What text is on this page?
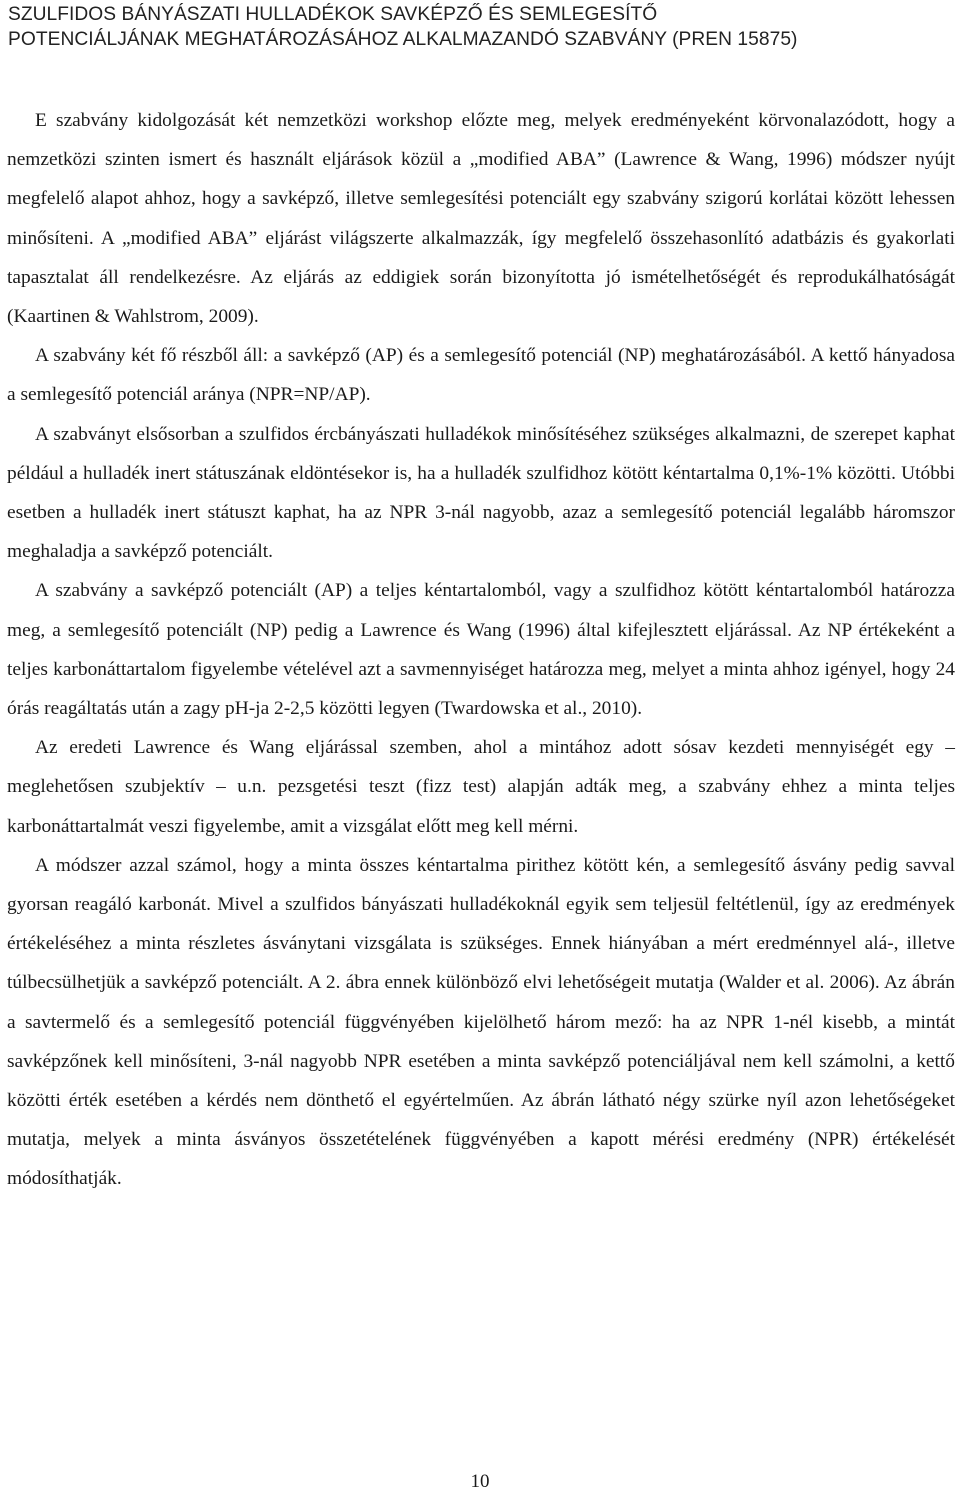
SZULFIDOS BÁNYÁSZATI HULLADÉKOK SAVKÉPZŐ ÉS SEMLEGESÍTŐ
POTENCIÁLJÁNAK MEGHATÁROZÁSÁHOZ ALKALMAZANDÓ SZABVÁNY (PREN 15875)

E szabvány kidolgozását két nemzetközi workshop előzte meg, melyek eredményeként körvonalazódott, hogy a nemzetközi szinten ismert és használt eljárások közül a „modified ABA” (Lawrence & Wang, 1996) módszer nyújt megfelelő alapot ahhoz, hogy a savképző, illetve semlegesítési potenciált egy szabvány szigorú korlátai között lehessen minősíteni. A „modified ABA” eljárást világszerte alkalmazzák, így megfelelő összehasonlító adatbázis és gyakorlati tapasztalat áll rendelkezésre. Az eljárás az eddigiek során bizonyította jó ismételhetőségét és reprodukálhatóságát (Kaartinen & Wahlstrom, 2009).

A szabvány két fő részből áll: a savképző (AP) és a semlegesítő potenciál (NP) meghatározásából. A kettő hányadosa a semlegesítő potenciál aránya (NPR=NP/AP).

A szabványt elsősorban a szulfidos ércbányászati hulladékok minősítéséhez szükséges alkalmazni, de szerepet kaphat például a hulladék inert státuszának eldöntésekor is, ha a hulladék szulfidhoz kötött kéntartalma 0,1%-1% közötti. Utóbbi esetben a hulladék inert státuszt kaphat, ha az NPR 3-nál nagyobb, azaz a semlegesítő potenciál legalább háromszor meghaladja a savképző potenciált.

A szabvány a savképző potenciált (AP) a teljes kéntartalomból, vagy a szulfidhoz kötött kéntartalomból határozza meg, a semlegesítő potenciált (NP) pedig a Lawrence és Wang (1996) által kifejlesztett eljárással. Az NP értékeként a teljes karbonáttartalom figyelembe vételével azt a savmennyiséget határozza meg, melyet a minta ahhoz igényel, hogy 24 órás reagáltatás után a zagy pH-ja 2-2,5 közötti legyen (Twardowska et al., 2010).

Az eredeti Lawrence és Wang eljárással szemben, ahol a mintához adott sósav kezdeti mennyiségét egy – meglehetősen szubjektív – u.n. pezsgetési teszt (fizz test) alapján adták meg, a szabvány ehhez a minta teljes karbonáttartalmát veszi figyelembe, amit a vizsgálat előtt meg kell mérni.

A módszer azzal számol, hogy a minta összes kéntartalma pirithez kötött kén, a semlegesítő ásvány pedig savval gyorsan reagáló karbonát. Mivel a szulfidos bányászati hulladékoknál egyik sem teljesül feltétlenül, így az eredmények értékeléséhez a minta részletes ásványtani vizsgálata is szükséges. Ennek hiányában a mért eredménnyel alá-, illetve túlbecsülhetjük a savképző potenciált. A 2. ábra ennek különböző elvi lehetőségeit mutatja (Walder et al. 2006). Az ábrán a savtermelő és a semlegesítő potenciál függvényében kijelölhető három mező: ha az NPR 1-nél kisebb, a mintát savképzőnek kell minősíteni, 3-nál nagyobb NPR esetében a minta savképző potenciáljával nem kell számolni, a kettő közötti érték esetében a kérdés nem dönthető el egyértelműen. Az ábrán látható négy szürke nyíl azon lehetőségeket mutatja, melyek a minta ásványos összetételének függvényében a kapott mérési eredmény (NPR) értékelését módosíthatják.

10
